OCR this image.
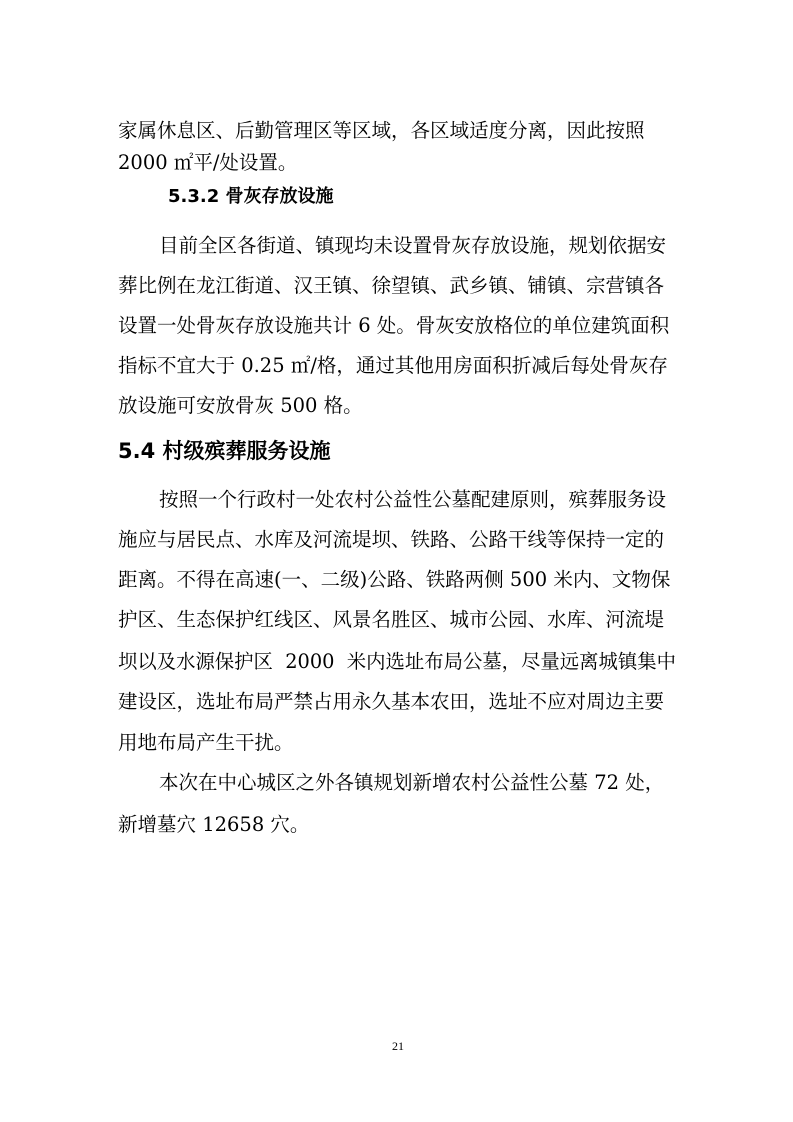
家属休息区、后勤管理区等区域，各区域适度分离，因此按照

2000 ㎡平/处设置。

5.3.2 骨灰存放设施

目前全区各街道、镇现均未设置骨灰存放设施，规划依据安

葬比例在龙江街道、汉王镇、徐望镇、武乡镇、铺镇、宗营镇各

设置一处骨灰存放设施共计 6 处。骨灰安放格位的单位建筑面积

指标不宜大于 0.25 ㎡/格，通过其他用房面积折减后每处骨灰存

放设施可安放骨灰 500 格。

5.4 村级殡葬服务设施

按照一个行政村一处农村公益性公墓配建原则，殡葬服务设

施应与居民点、水库及河流堤坝、铁路、公路干线等保持一定的

距离。不得在高速(一、二级)公路、铁路两侧 500 米内、文物保

护区、生态保护红线区、风景名胜区、城市公园、水库、河流堤

坝以及水源保护区  2000  米内选址布局公墓，尽量远离城镇集中

建设区，选址布局严禁占用永久基本农田，选址不应对周边主要

用地布局产生干扰。

本次在中心城区之外各镇规划新增农村公益性公墓 72 处，

新增墓穴 12658 穴。

21
